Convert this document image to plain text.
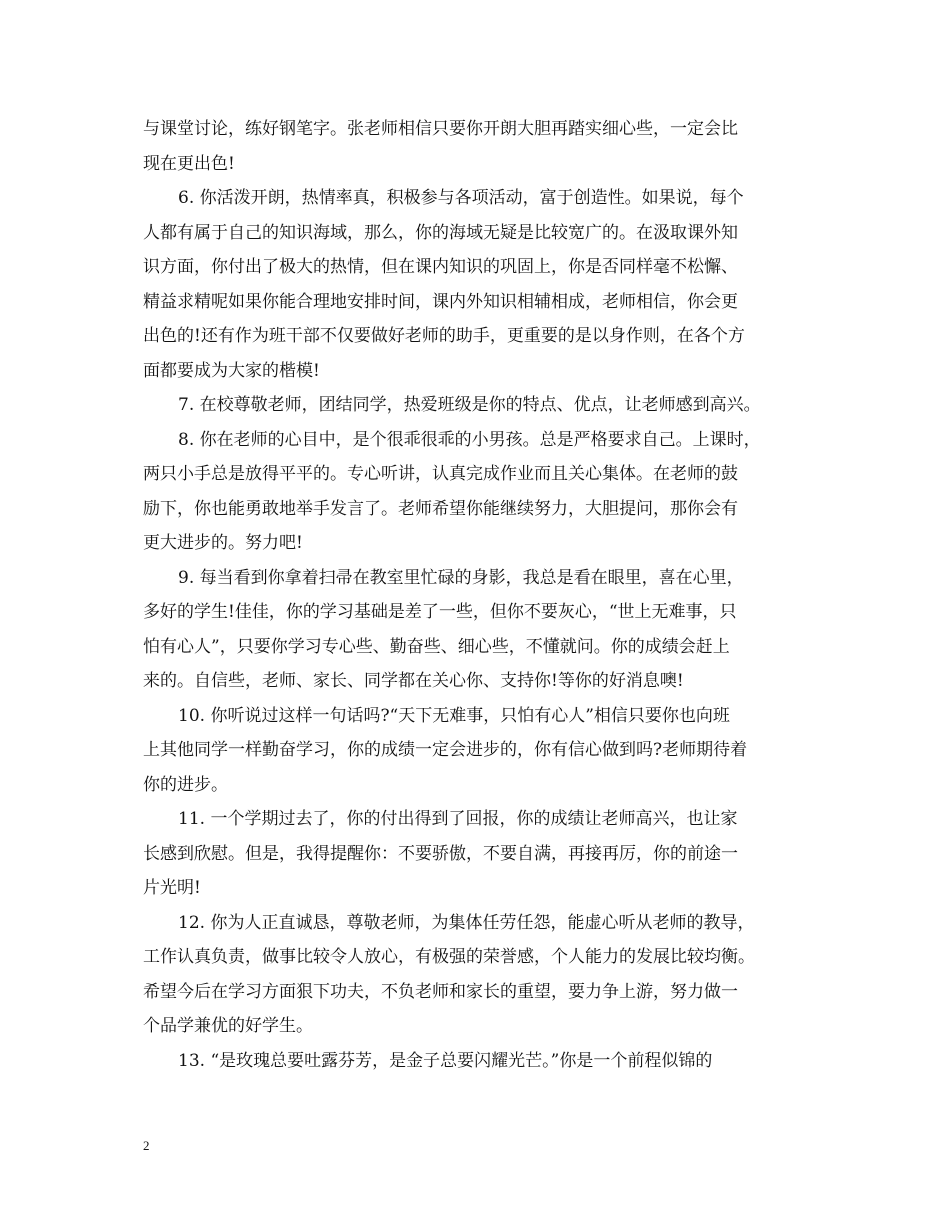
与课堂讨论，练好钢笔字。张老师相信只要你开朗大胆再踏实细心些，一定会比
现在更出色!

6. 你活泼开朗，热情率真，积极参与各项活动，富于创造性。如果说，每个
人都有属于自己的知识海域，那么，你的海域无疑是比较宽广的。在汲取课外知
识方面，你付出了极大的热情，但在课内知识的巩固上，你是否同样毫不松懈、
精益求精呢如果你能合理地安排时间，课内外知识相辅相成，老师相信，你会更
出色的!还有作为班干部不仅要做好老师的助手，更重要的是以身作则，在各个方
面都要成为大家的楷模!

7. 在校尊敬老师，团结同学，热爱班级是你的特点、优点，让老师感到高兴。

8. 你在老师的心目中，是个很乖很乖的小男孩。总是严格要求自己。上课时，
两只小手总是放得平平的。专心听讲，认真完成作业而且关心集体。在老师的鼓
励下，你也能勇敢地举手发言了。老师希望你能继续努力，大胆提问，那你会有
更大进步的。努力吧!

9. 每当看到你拿着扫帚在教室里忙碌的身影，我总是看在眼里，喜在心里，
多好的学生!佳佳，你的学习基础是差了一些，但你不要灰心，“世上无难事，只
怕有心人”，只要你学习专心些、勤奋些、细心些，不懂就问。你的成绩会赶上
来的。自信些，老师、家长、同学都在关心你、支持你!等你的好消息噢!

10. 你听说过这样一句话吗?“天下无难事，只怕有心人”相信只要你也向班
上其他同学一样勤奋学习，你的成绩一定会进步的，你有信心做到吗?老师期待着
你的进步。

11. 一个学期过去了，你的付出得到了回报，你的成绩让老师高兴，也让家
长感到欣慰。但是，我得提醒你：不要骄傲，不要自满，再接再厉，你的前途一
片光明!

12. 你为人正直诚恳，尊敬老师，为集体任劳任怨，能虚心听从老师的教导，
工作认真负责，做事比较令人放心，有极强的荣誉感，个人能力的发展比较均衡。
希望今后在学习方面狠下功夫，不负老师和家长的重望，要力争上游，努力做一
个品学兼优的好学生。

13. “是玫瑰总要吐露芬芳，是金子总要闪耀光芒。”你是一个前程似锦的

2
